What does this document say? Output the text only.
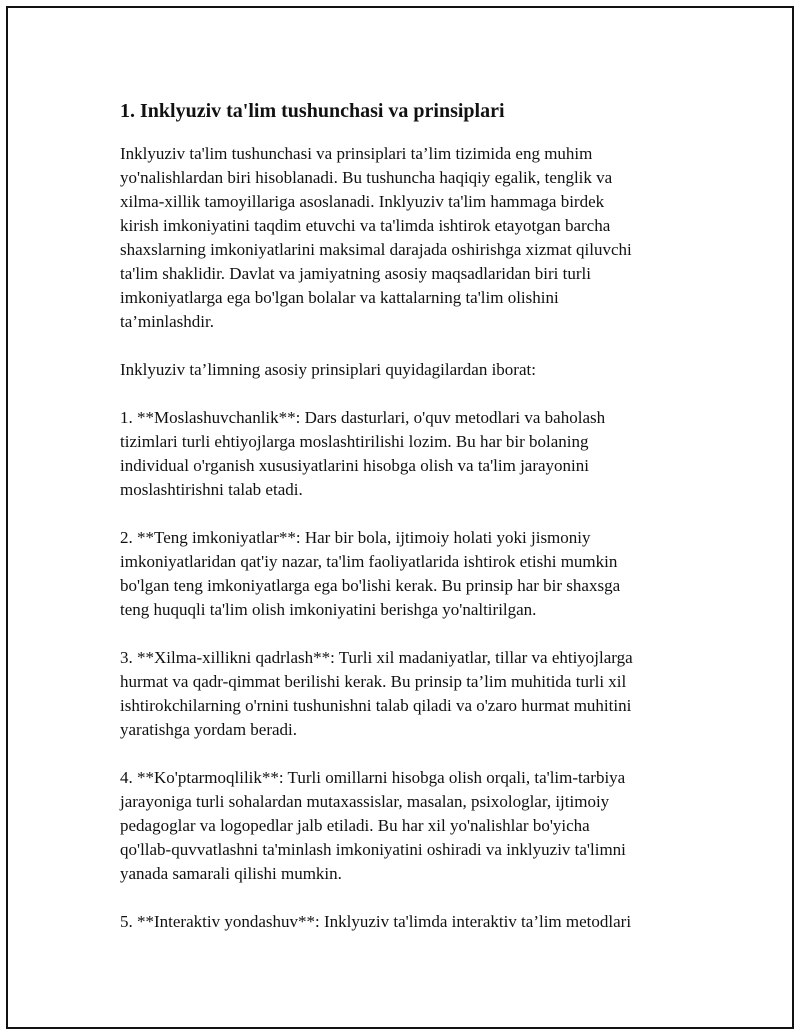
1. Inklyuziv ta'lim tushunchasi va prinsiplari

Inklyuziv ta'lim tushunchasi va prinsiplari ta’lim tizimida eng muhim
yo'nalishlardan biri hisoblanadi. Bu tushuncha haqiqiy egalik, tenglik va
xilma-xillik tamoyillariga asoslanadi. Inklyuziv ta'lim hammaga birdek
kirish imkoniyatini taqdim etuvchi va ta'limda ishtirok etayotgan barcha
shaxslarning imkoniyatlarini maksimal darajada oshirishga xizmat qiluvchi
ta'lim shaklidir. Davlat va jamiyatning asosiy maqsadlaridan biri turli
imkoniyatlarga ega bo'lgan bolalar va kattalarning ta'lim olishini
ta’minlashdir.

Inklyuziv ta’limning asosiy prinsiplari quyidagilardan iborat:

1. **Moslashuvchanlik**: Dars dasturlari, o'quv metodlari va baholash
tizimlari turli ehtiyojlarga moslashtirilishi lozim. Bu har bir bolaning
individual o'rganish xususiyatlarini hisobga olish va ta'lim jarayonini
moslashtirishni talab etadi.

2. **Teng imkoniyatlar**: Har bir bola, ijtimoiy holati yoki jismoniy
imkoniyatlaridan qat'iy nazar, ta'lim faoliyatlarida ishtirok etishi mumkin
bo'lgan teng imkoniyatlarga ega bo'lishi kerak. Bu prinsip har bir shaxsga
teng huquqli ta'lim olish imkoniyatini berishga yo'naltirilgan.

3. **Xilma-xillikni qadrlash**: Turli xil madaniyatlar, tillar va ehtiyojlarga
hurmat va qadr-qimmat berilishi kerak. Bu prinsip ta’lim muhitida turli xil
ishtirokchilarning o'rnini tushunishni talab qiladi va o'zaro hurmat muhitini
yaratishga yordam beradi.

4. **Ko'ptarmoqlilik**: Turli omillarni hisobga olish orqali, ta'lim-tarbiya
jarayoniga turli sohalardan mutaxassislar, masalan, psixologlar, ijtimoiy
pedagoglar va logopedlar jalb etiladi. Bu har xil yo'nalishlar bo'yicha
qo'llab-quvvatlashni ta'minlash imkoniyatini oshiradi va inklyuziv ta'limni
yanada samarali qilishi mumkin.

5. **Interaktiv yondashuv**: Inklyuziv ta'limda interaktiv ta’lim metodlari
